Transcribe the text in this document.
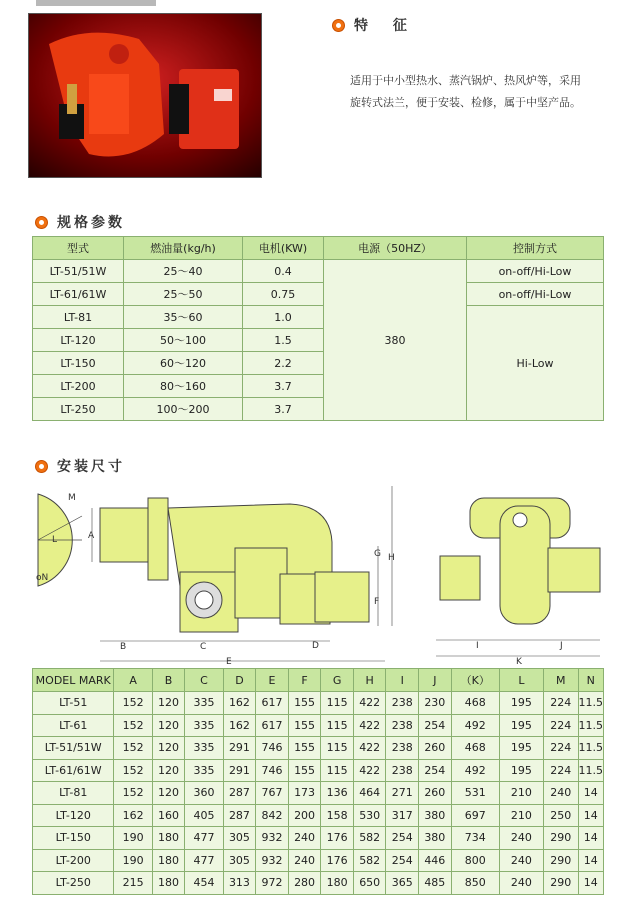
特 征
适用于中小型热水、蒸汽锅炉、热风炉等，采用旋转式法兰，便于安装、检修，属于中坚产品。
规格参数
型式	燃油量(kg/h)	电机(KW)	电源（50HZ）	控制方式
LT-51/51W	25～40	0.4	380	on-off/Hi-Low
LT-61/61W	25～50	0.75		on-off/Hi-Low
LT-81	35～60	1.0		Hi-Low
LT-120	50～100	1.5		
LT-150	60～120	2.2		
LT-200	80～160	3.7		
LT-250	100～200	3.7		
安装尺寸
M
L
oN
A
B	C	D
E
F
G H
I	J
K
MODEL MARK	A	B	C	D	E	F	G	H	I	J	（K）	L	M	N
LT-51	152	120	335	162	617	155	115	422	238	230	468	195	224	11.5
LT-61	152	120	335	162	617	155	115	422	238	254	492	195	224	11.5
LT-51/51W	152	120	335	291	746	155	115	422	238	260	468	195	224	11.5
LT-61/61W	152	120	335	291	746	155	115	422	238	254	492	195	224	11.5
LT-81	152	120	360	287	767	173	136	464	271	260	531	210	240	14
LT-120	162	160	405	287	842	200	158	530	317	380	697	210	250	14
LT-150	190	180	477	305	932	240	176	582	254	380	734	240	290	14
LT-200	190	180	477	305	932	240	176	582	254	446	800	240	290	14
LT-250	215	180	454	313	972	280	180	650	365	485	850	240	290	14
